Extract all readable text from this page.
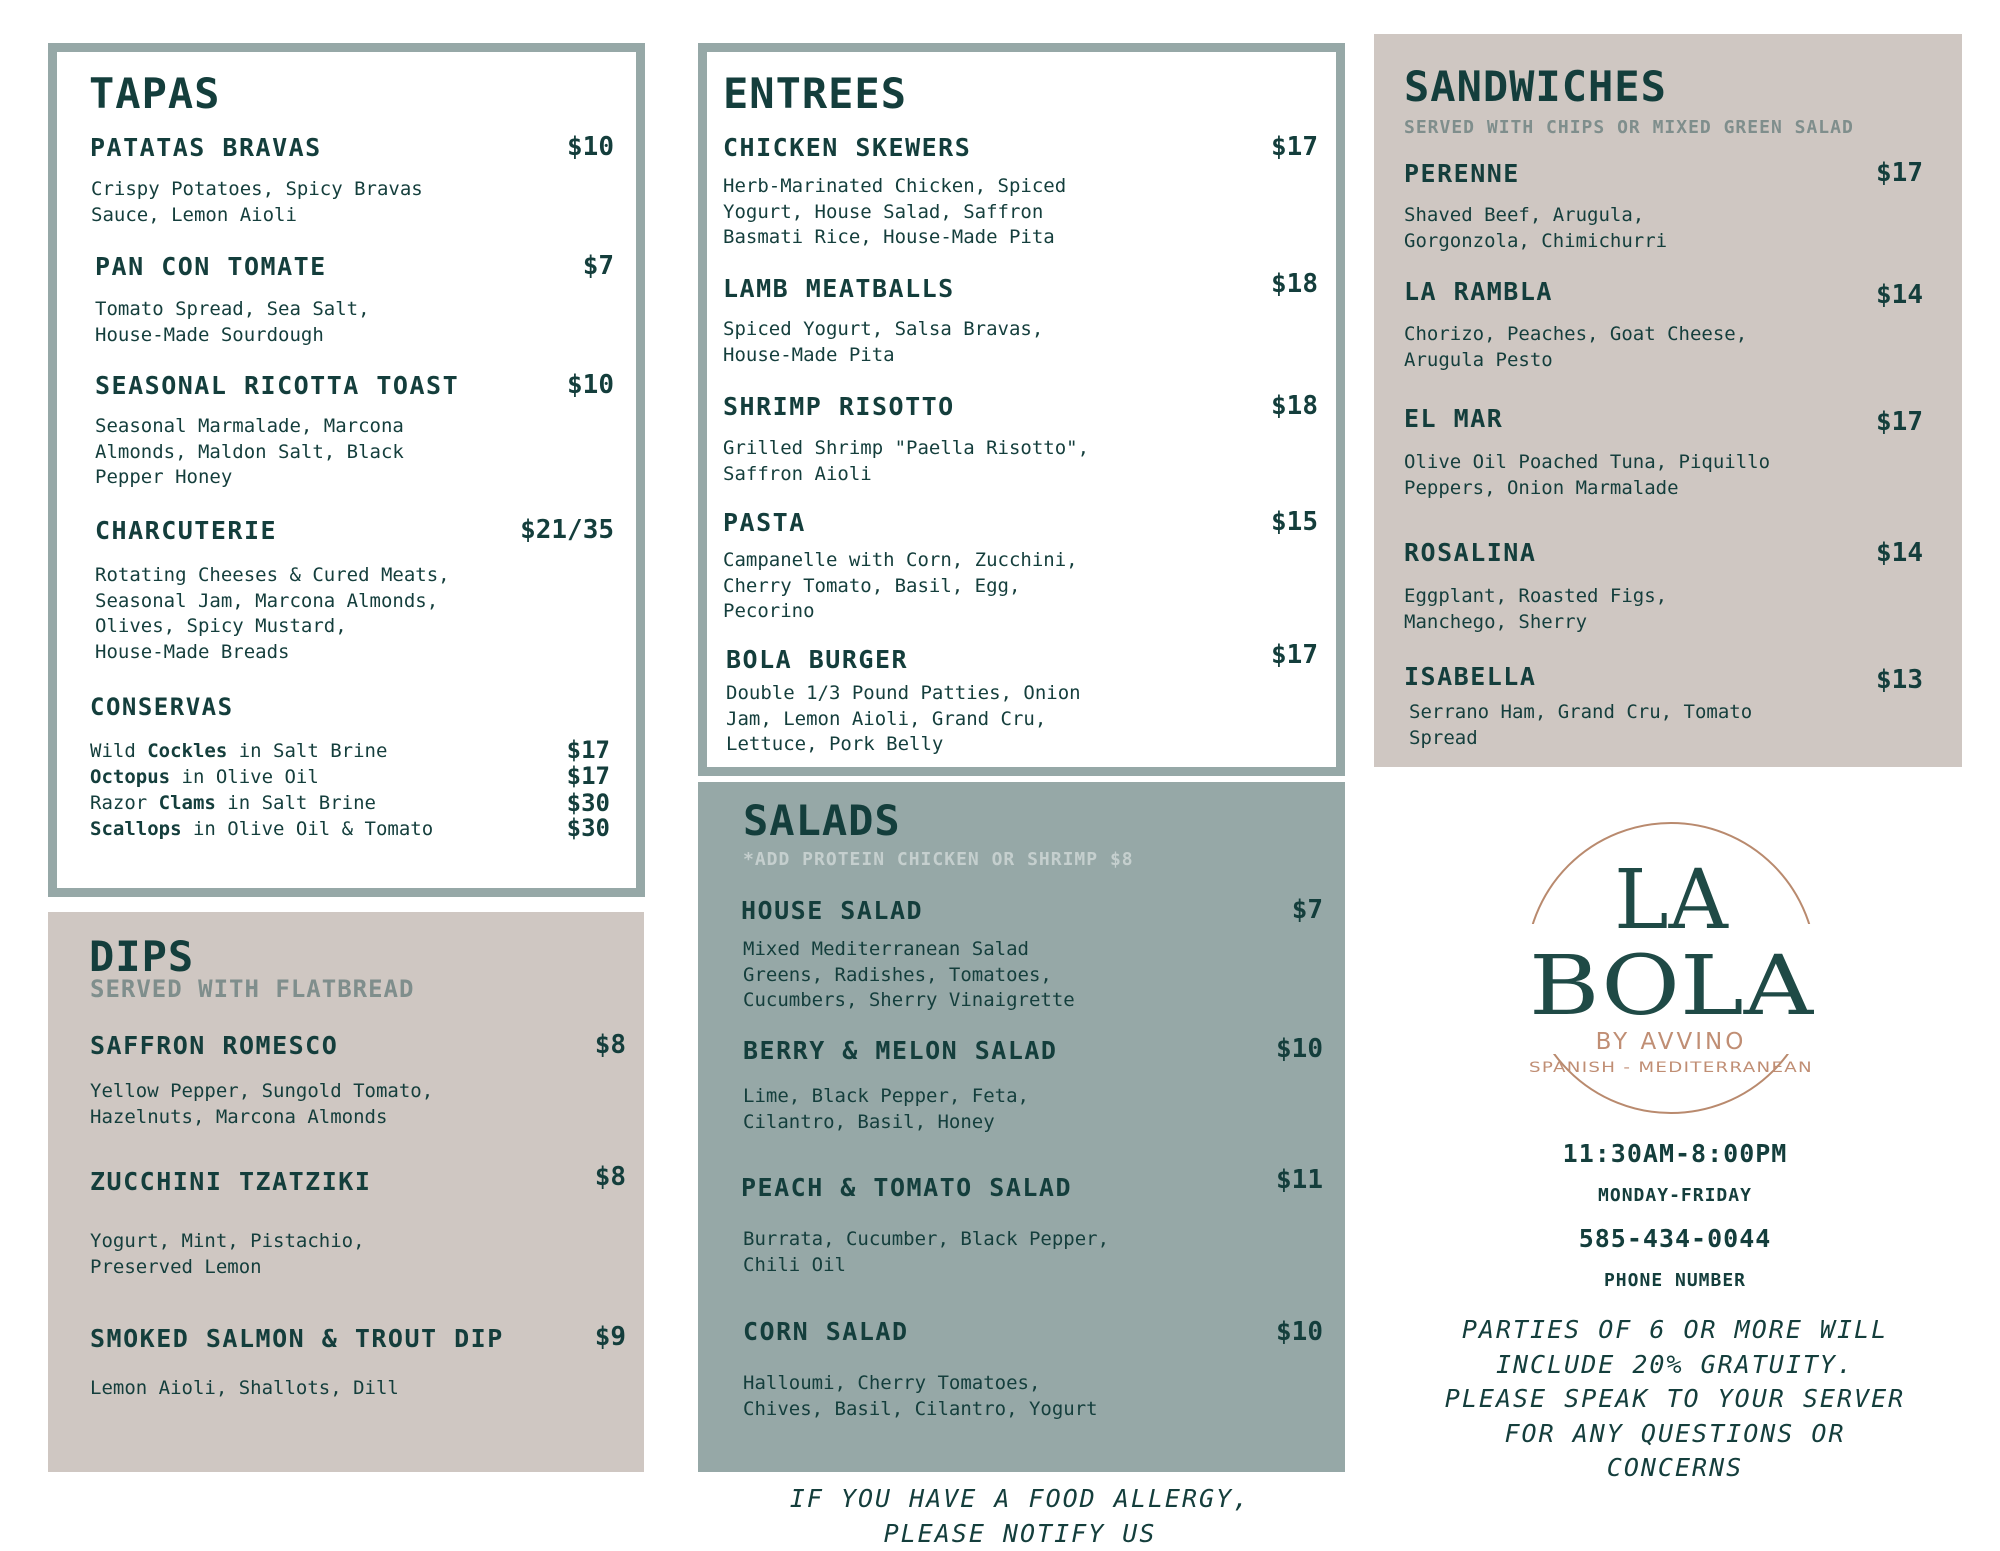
TAPAS
PATATAS BRAVAS	$10
Crispy Potatoes, Spicy Bravas
Sauce, Lemon Aioli
PAN CON TOMATE	$7
Tomato Spread, Sea Salt,
House-Made Sourdough
SEASONAL RICOTTA TOAST	$10
Seasonal Marmalade, Marcona
Almonds, Maldon Salt, Black
Pepper Honey
CHARCUTERIE	$21/35
Rotating Cheeses & Cured Meats,
Seasonal Jam, Marcona Almonds,
Olives, Spicy Mustard,
House-Made Breads
CONSERVAS
Wild Cockles in Salt Brine	$17
Octopus in Olive Oil	$17
Razor Clams in Salt Brine	$30
Scallops in Olive Oil & Tomato	$30
DIPS
SERVED WITH FLATBREAD
SAFFRON ROMESCO	$8
Yellow Pepper, Sungold Tomato,
Hazelnuts, Marcona Almonds
ZUCCHINI TZATZIKI	$8
Yogurt, Mint, Pistachio,
Preserved Lemon
SMOKED SALMON & TROUT DIP	$9
Lemon Aioli, Shallots, Dill
ENTREES
CHICKEN SKEWERS	$17
Herb-Marinated Chicken, Spiced
Yogurt, House Salad, Saffron
Basmati Rice, House-Made Pita
LAMB MEATBALLS	$18
Spiced Yogurt, Salsa Bravas,
House-Made Pita
SHRIMP RISOTTO	$18
Grilled Shrimp "Paella Risotto",
Saffron Aioli
PASTA	$15
Campanelle with Corn, Zucchini,
Cherry Tomato, Basil, Egg,
Pecorino
BOLA BURGER	$17
Double 1/3 Pound Patties, Onion
Jam, Lemon Aioli, Grand Cru,
Lettuce, Pork Belly
SALADS
*ADD PROTEIN CHICKEN OR SHRIMP $8
HOUSE SALAD	$7
Mixed Mediterranean Salad
Greens, Radishes, Tomatoes,
Cucumbers, Sherry Vinaigrette
BERRY & MELON SALAD	$10
Lime, Black Pepper, Feta,
Cilantro, Basil, Honey
PEACH & TOMATO SALAD	$11
Burrata, Cucumber, Black Pepper,
Chili Oil
CORN SALAD	$10
Halloumi, Cherry Tomatoes,
Chives, Basil, Cilantro, Yogurt
SANDWICHES
SERVED WITH CHIPS OR MIXED GREEN SALAD
PERENNE	$17
Shaved Beef, Arugula,
Gorgonzola, Chimichurri
LA RAMBLA	$14
Chorizo, Peaches, Goat Cheese,
Arugula Pesto
EL MAR	$17
Olive Oil Poached Tuna, Piquillo
Peppers, Onion Marmalade
ROSALINA	$14
Eggplant, Roasted Figs,
Manchego, Sherry
ISABELLA	$13
Serrano Ham, Grand Cru, Tomato
Spread
LA
BOLA
BY AVVINO
SPANISH - MEDITERRANEAN
11:30AM-8:00PM
MONDAY-FRIDAY
585-434-0044
PHONE NUMBER
PARTIES OF 6 OR MORE WILL
INCLUDE 20% GRATUITY.
PLEASE SPEAK TO YOUR SERVER
FOR ANY QUESTIONS OR
CONCERNS
IF YOU HAVE A FOOD ALLERGY,
PLEASE NOTIFY US
